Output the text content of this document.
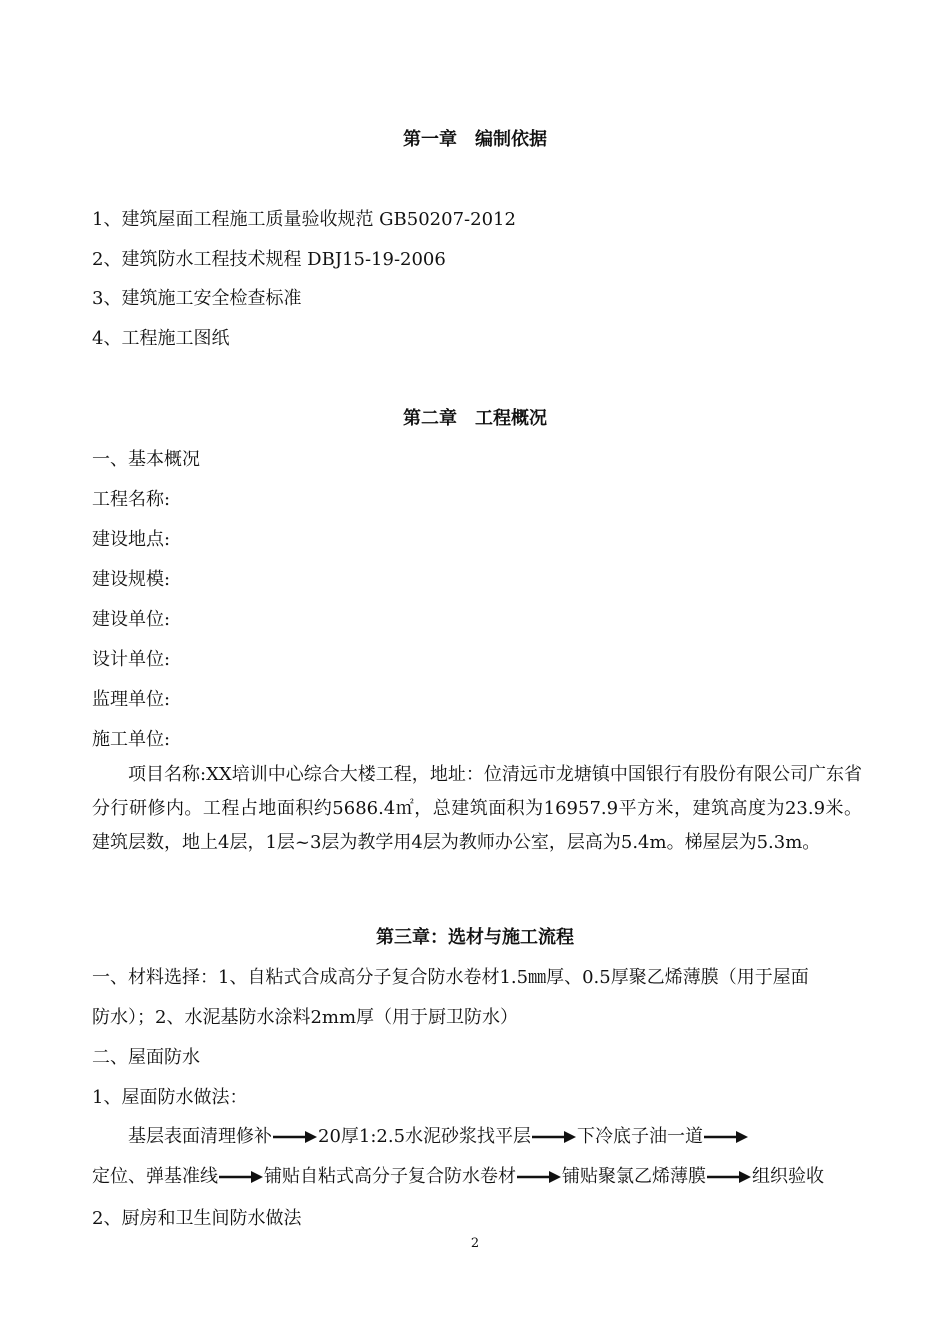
第一章　编制依据
1、建筑屋面工程施工质量验收规范 GB50207-2012
2、建筑防水工程技术规程 DBJ15-19-2006
3、建筑施工安全检查标准
4、工程施工图纸
第二章　工程概况
一、基本概况
工程名称:
建设地点:
建设规模:
建设单位:
设计单位:
监理单位:
施工单位:
项目名称:XX培训中心综合大楼工程，地址：位清远市龙塘镇中国银行有股份有限公司广东省分行研修内。工程占地面积约5686.4㎡，总建筑面积为16957.9平方米，建筑高度为23.9米。建筑层数，地上4层，1层~3层为教学用4层为教师办公室，层高为5.4m。梯屋层为5.3m。
第三章：选材与施工流程
一、材料选择：1、自粘式合成高分子复合防水卷材1.5㎜厚、0.5厚聚乙烯薄膜（用于屋面
防水）；2、水泥基防水涂料2mm厚（用于厨卫防水）
二、屋面防水
1、屋面防水做法：
基层表面清理修补	20厚1:2.5水泥砂浆找平层	下冷底子油一道定位、弹基准线	铺贴自粘式高分子复合防水卷材	铺贴聚氯乙烯薄膜	组织验收
2、厨房和卫生间防水做法
2
